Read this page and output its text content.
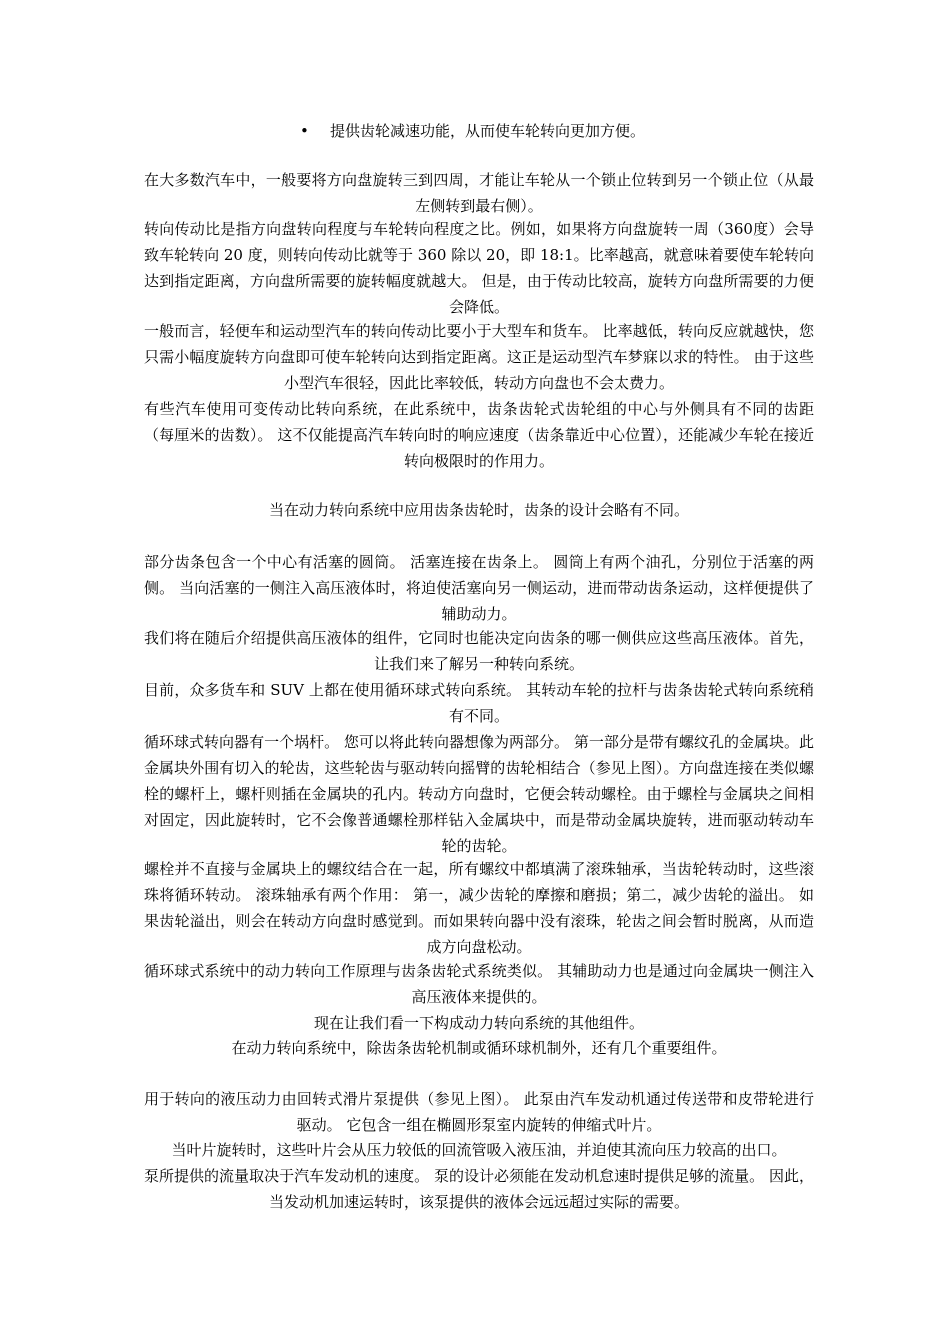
• 提供齿轮减速功能，从而使车轮转向更加方便。
在大多数汽车中，一般要将方向盘旋转三到四周，才能让车轮从一个锁止位转到另一个锁止位（从最左侧转到最右侧）。
转向传动比是指方向盘转向程度与车轮转向程度之比。例如，如果将方向盘旋转一周（360度）会导致车轮转向 20 度，则转向传动比就等于 360 除以 20，即 18:1。比率越高，就意味着要使车轮转向达到指定距离，方向盘所需要的旋转幅度就越大。 但是，由于传动比较高，旋转方向盘所需要的力便会降低。
一般而言，轻便车和运动型汽车的转向传动比要小于大型车和货车。 比率越低，转向反应就越快，您只需小幅度旋转方向盘即可使车轮转向达到指定距离。这正是运动型汽车梦寐以求的特性。 由于这些小型汽车很轻，因此比率较低，转动方向盘也不会太费力。
有些汽车使用可变传动比转向系统，在此系统中，齿条齿轮式齿轮组的中心与外侧具有不同的齿距（每厘米的齿数）。 这不仅能提高汽车转向时的响应速度（齿条靠近中心位置），还能减少车轮在接近转向极限时的作用力。
当在动力转向系统中应用齿条齿轮时，齿条的设计会略有不同。
部分齿条包含一个中心有活塞的圆筒。 活塞连接在齿条上。 圆筒上有两个油孔，分别位于活塞的两侧。 当向活塞的一侧注入高压液体时，将迫使活塞向另一侧运动，进而带动齿条运动，这样便提供了辅助动力。
我们将在随后介绍提供高压液体的组件，它同时也能决定向齿条的哪一侧供应这些高压液体。首先，让我们来了解另一种转向系统。
目前，众多货车和 SUV 上都在使用循环球式转向系统。 其转动车轮的拉杆与齿条齿轮式转向系统稍有不同。
循环球式转向器有一个埚杆。 您可以将此转向器想像为两部分。 第一部分是带有螺纹孔的金属块。此金属块外围有切入的轮齿，这些轮齿与驱动转向摇臂的齿轮相结合（参见上图）。方向盘连接在类似螺栓的螺杆上，螺杆则插在金属块的孔内。转动方向盘时，它便会转动螺栓。由于螺栓与金属块之间相对固定，因此旋转时，它不会像普通螺栓那样钻入金属块中，而是带动金属块旋转，进而驱动转动车轮的齿轮。
螺栓并不直接与金属块上的螺纹结合在一起，所有螺纹中都填满了滚珠轴承，当齿轮转动时，这些滚珠将循环转动。 滚珠轴承有两个作用： 第一，减少齿轮的摩擦和磨损；第二，减少齿轮的溢出。 如果齿轮溢出，则会在转动方向盘时感觉到。而如果转向器中没有滚珠，轮齿之间会暂时脱离，从而造成方向盘松动。
循环球式系统中的动力转向工作原理与齿条齿轮式系统类似。 其辅助动力也是通过向金属块一侧注入高压液体来提供的。
现在让我们看一下构成动力转向系统的其他组件。
在动力转向系统中，除齿条齿轮机制或循环球机制外，还有几个重要组件。
用于转向的液压动力由回转式滑片泵提供（参见上图）。 此泵由汽车发动机通过传送带和皮带轮进行驱动。 它包含一组在椭圆形泵室内旋转的伸缩式叶片。
当叶片旋转时，这些叶片会从压力较低的回流管吸入液压油，并迫使其流向压力较高的出口。
泵所提供的流量取决于汽车发动机的速度。 泵的设计必须能在发动机怠速时提供足够的流量。 因此，当发动机加速运转时，该泵提供的液体会远远超过实际的需要。
